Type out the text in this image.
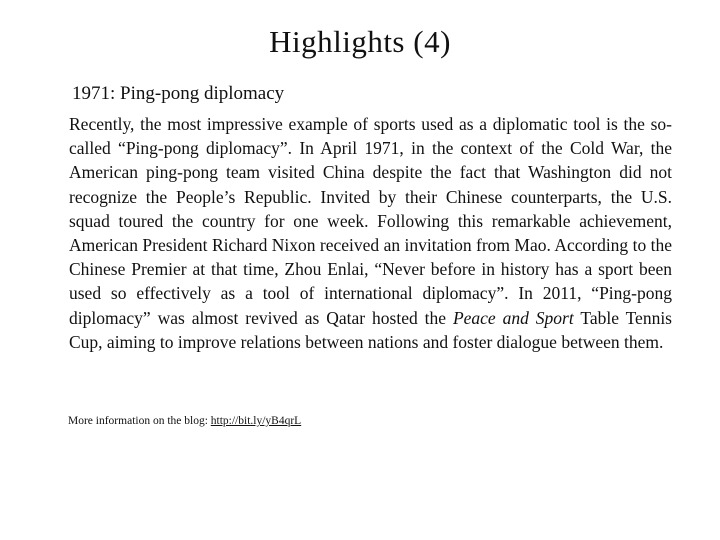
Highlights (4)

1971: Ping-pong diplomacy

Recently, the most impressive example of sports used as a diplomatic tool is the so-called “Ping-pong diplomacy”. In April 1971, in the context of the Cold War, the American ping-pong team visited China despite the fact that Washington did not recognize the People’s Republic. Invited by their Chinese counterparts, the U.S. squad toured the country for one week. Following this remarkable achievement, American President Richard Nixon received an invitation from Mao. According to the Chinese Premier at that time, Zhou Enlai, “Never before in history has a sport been used so effectively as a tool of international diplomacy”. In 2011, “Ping-pong diplomacy” was almost revived as Qatar hosted the Peace and Sport Table Tennis Cup, aiming to improve relations between nations and foster dialogue between them.

More information on the blog: http://bit.ly/yB4qrL
